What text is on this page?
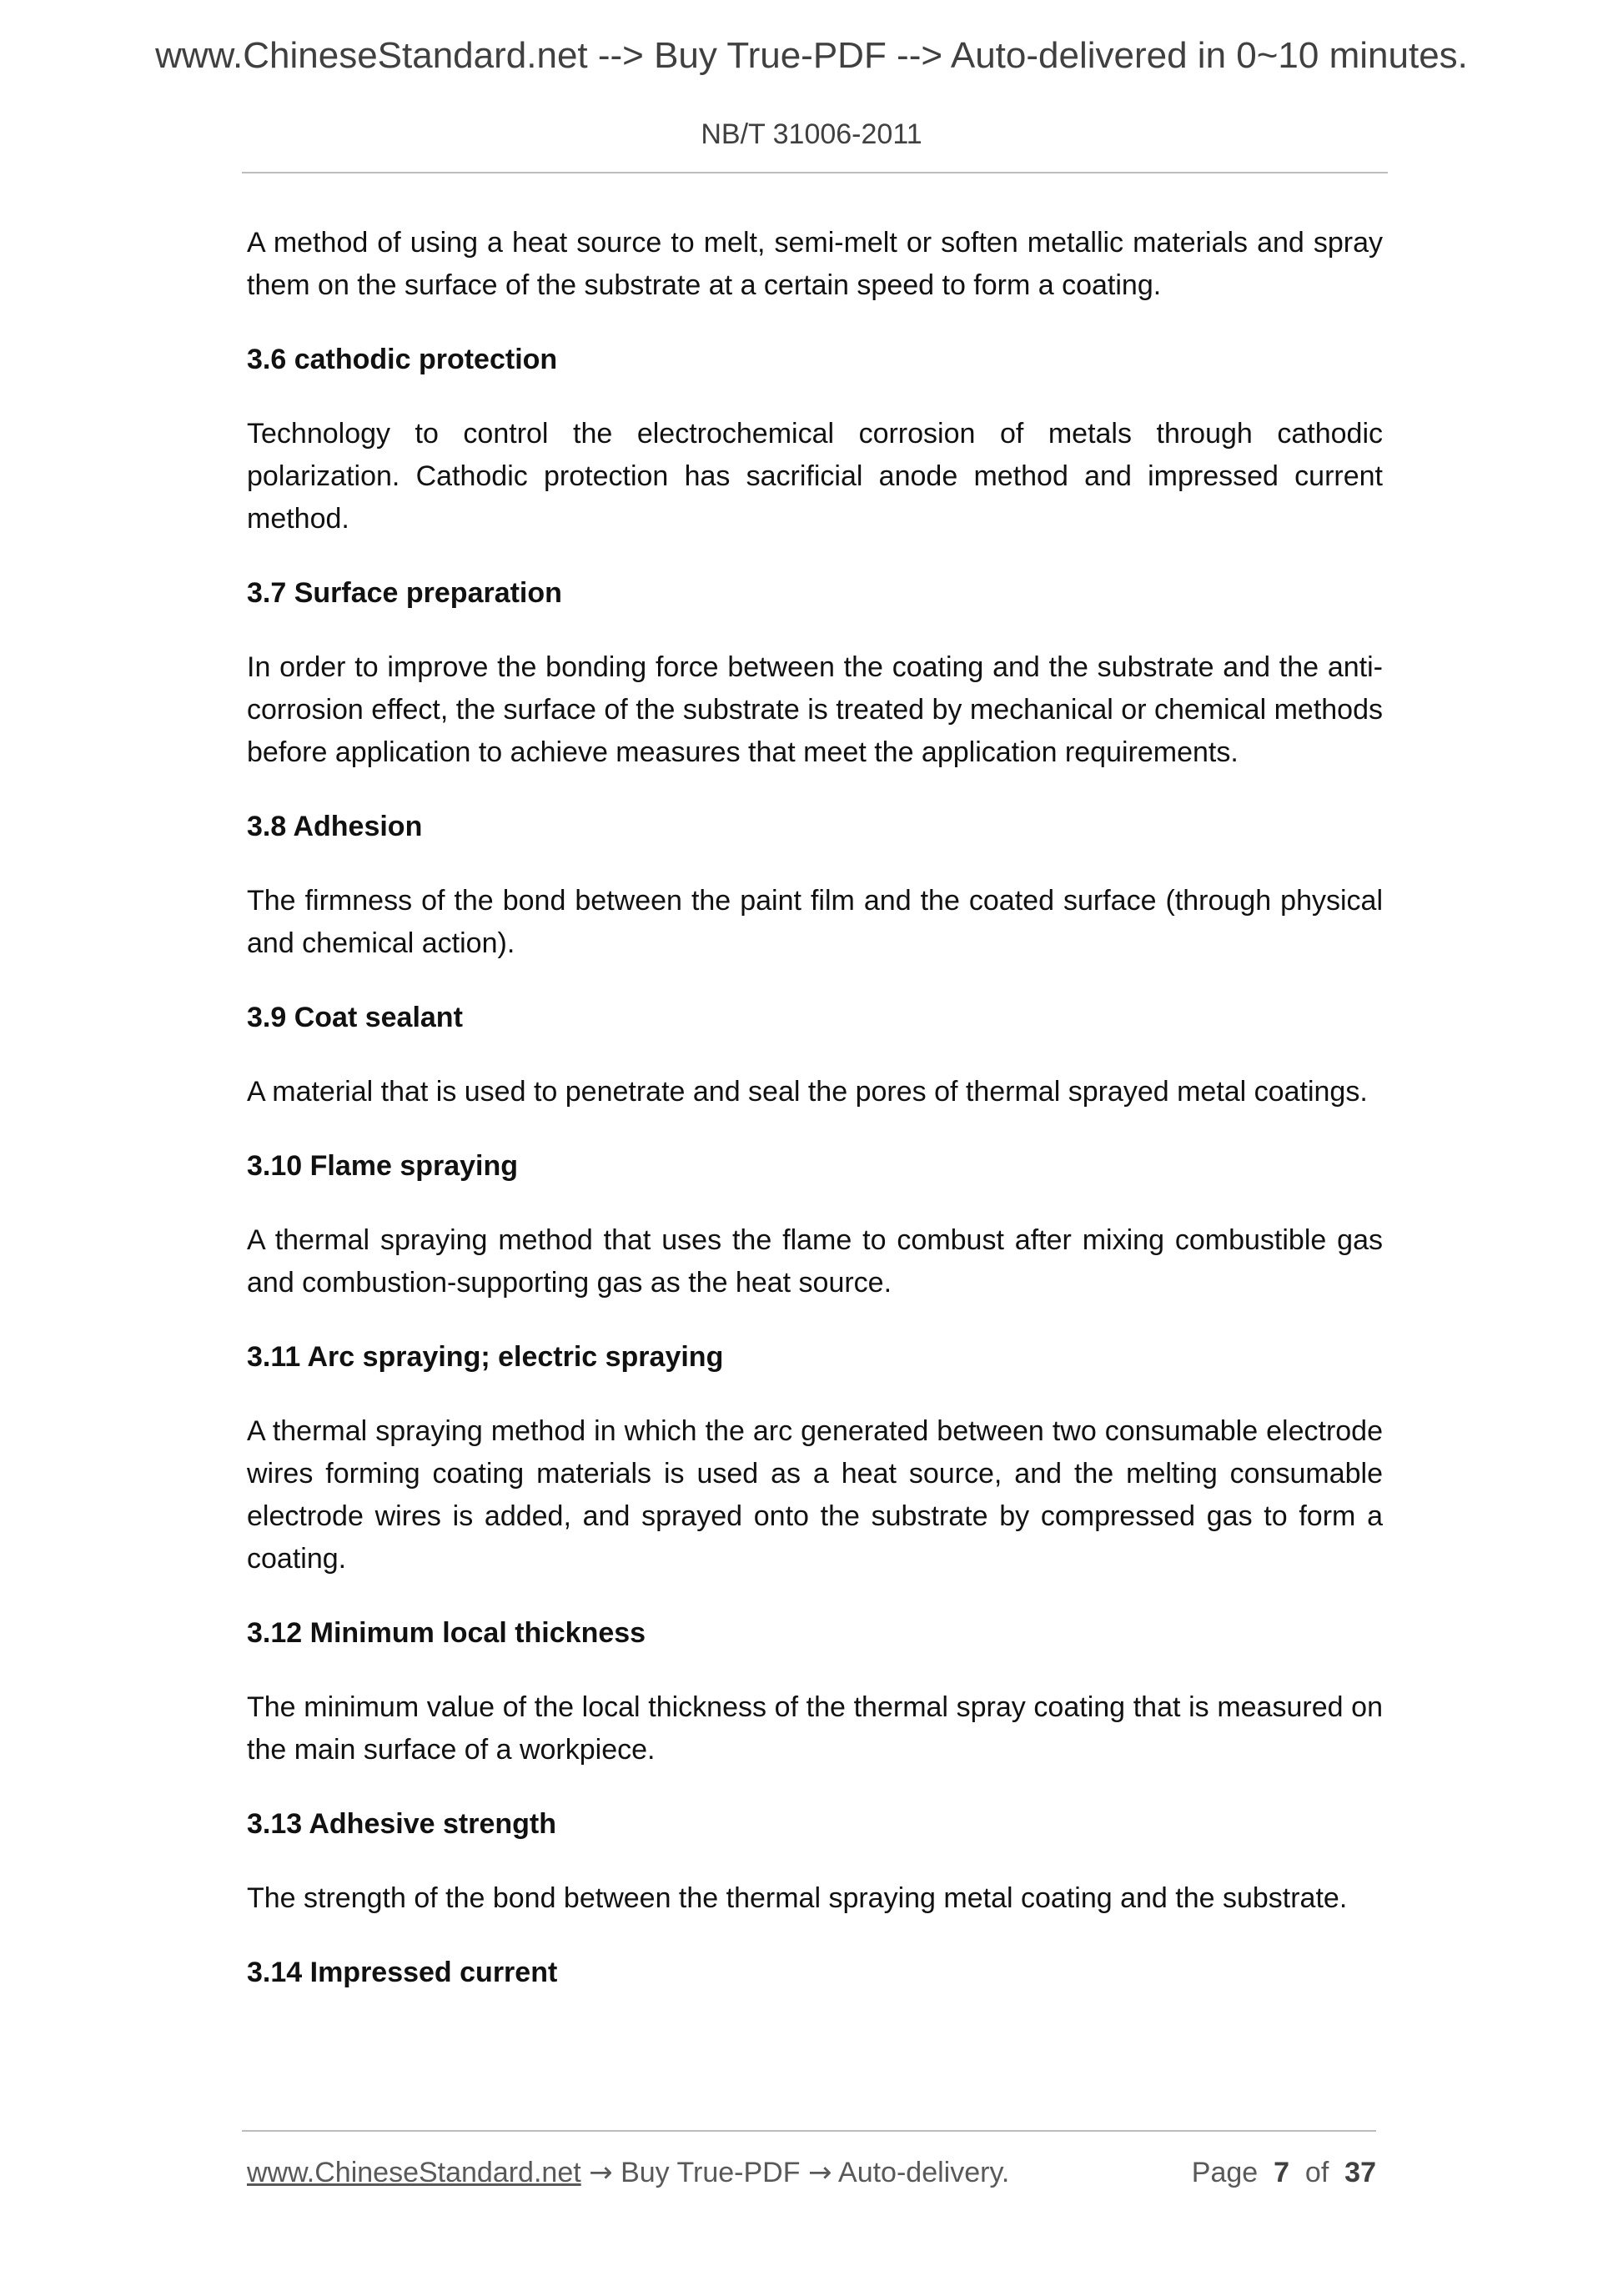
www.ChineseStandard.net --> Buy True-PDF --> Auto-delivered in 0~10 minutes.
NB/T 31006-2011

A method of using a heat source to melt, semi-melt or soften metallic materials and spray them on the surface of the substrate at a certain speed to form a coating.

3.6 cathodic protection

Technology to control the electrochemical corrosion of metals through cathodic polarization. Cathodic protection has sacrificial anode method and impressed current method.

3.7 Surface preparation

In order to improve the bonding force between the coating and the substrate and the anti-corrosion effect, the surface of the substrate is treated by mechanical or chemical methods before application to achieve measures that meet the application requirements.

3.8 Adhesion

The firmness of the bond between the paint film and the coated surface (through physical and chemical action).

3.9 Coat sealant

A material that is used to penetrate and seal the pores of thermal sprayed metal coatings.

3.10 Flame spraying

A thermal spraying method that uses the flame to combust after mixing combustible gas and combustion-supporting gas as the heat source.

3.11 Arc spraying; electric spraying

A thermal spraying method in which the arc generated between two consumable electrode wires forming coating materials is used as a heat source, and the melting consumable electrode wires is added, and sprayed onto the substrate by compressed gas to form a coating.

3.12 Minimum local thickness

The minimum value of the local thickness of the thermal spray coating that is measured on the main surface of a workpiece.

3.13 Adhesive strength

The strength of the bond between the thermal spraying metal coating and the substrate.

3.14 Impressed current
www.ChineseStandard.net → Buy True-PDF → Auto-delivery.	Page 7 of 37
